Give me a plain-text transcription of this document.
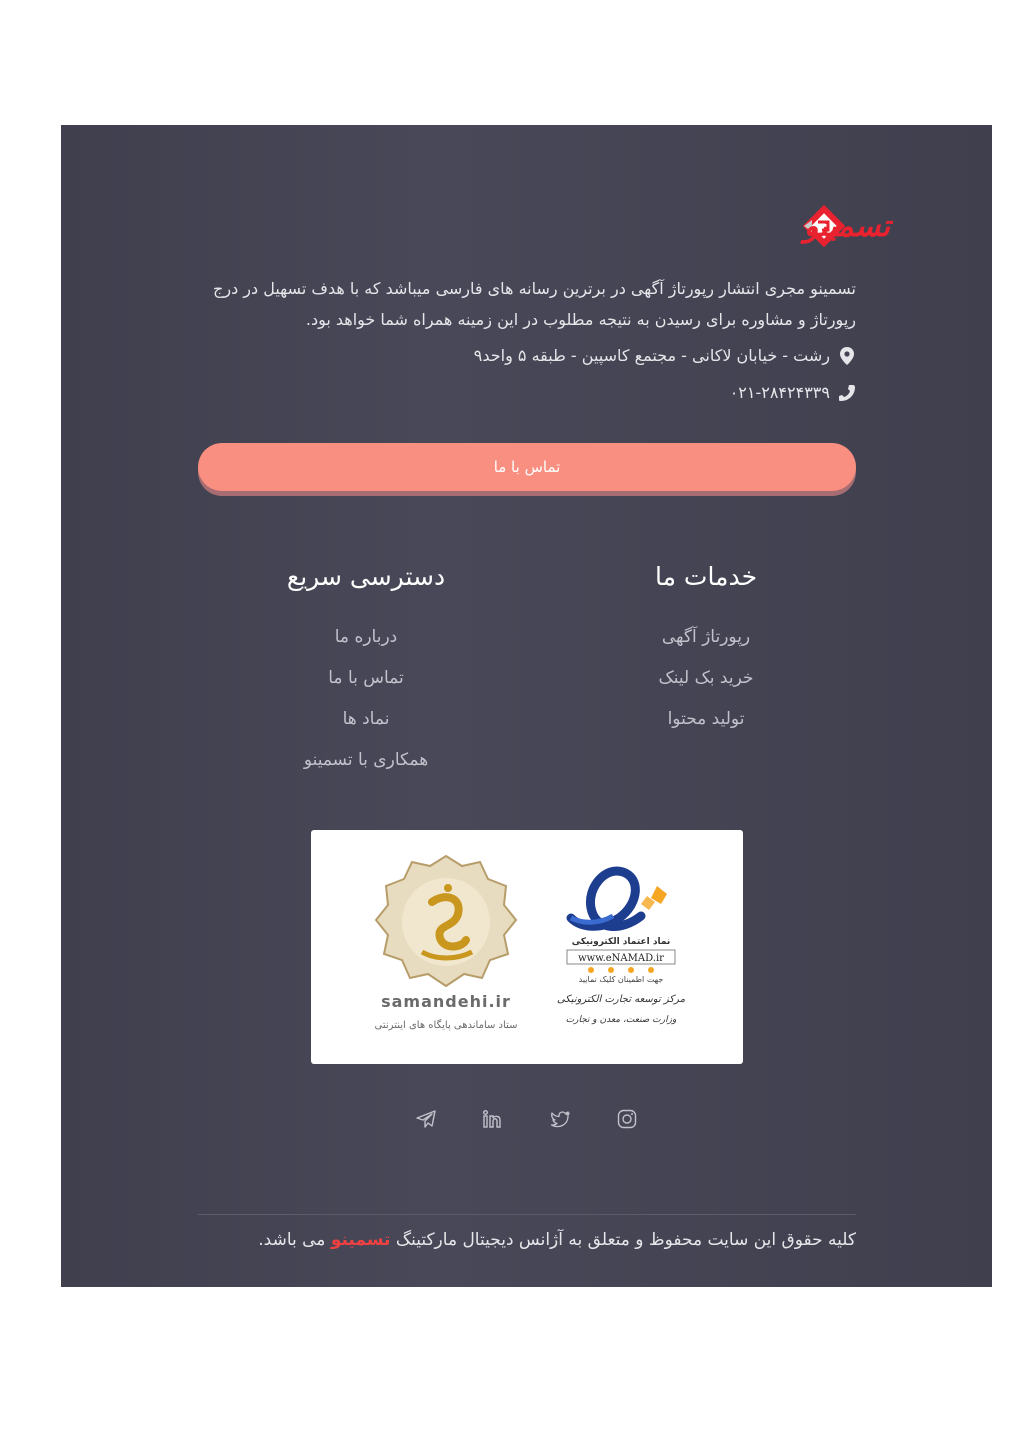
تسمینو
تسمینو مجری انتشار رپورتاژ آگهی در برترین رسانه های فارسی میباشد که با هدف تسهیل در درج رپورتاژ و مشاوره برای رسیدن به نتیجه مطلوب در این زمینه همراه شما خواهد بود.
رشت - خیابان لاکانی - مجتمع کاسپین - طبقه ۵ واحد۹
۰۲۱-۲۸۴۲۴۳۳۹
تماس با ما
خدمات ما
رپورتاژ آگهی
خرید بک لینک
تولید محتوا
دسترسی سریع
درباره ما
تماس با ما
نماد ها
همکاری با تسمینو
samandehi.ir
ستاد ساماندهی پایگاه های اینترنتی
نماد اعتماد الکترونیکی
www.eNAMAD.ir
جهت اطمینان کلیک نمایید
مرکز توسعه تجارت الکترونیکی
وزارت صنعت، معدن و تجارت
کلیه حقوق این سایت محفوظ و متعلق به آژانس دیجیتال مارکتینگ تسمینو می باشد.
